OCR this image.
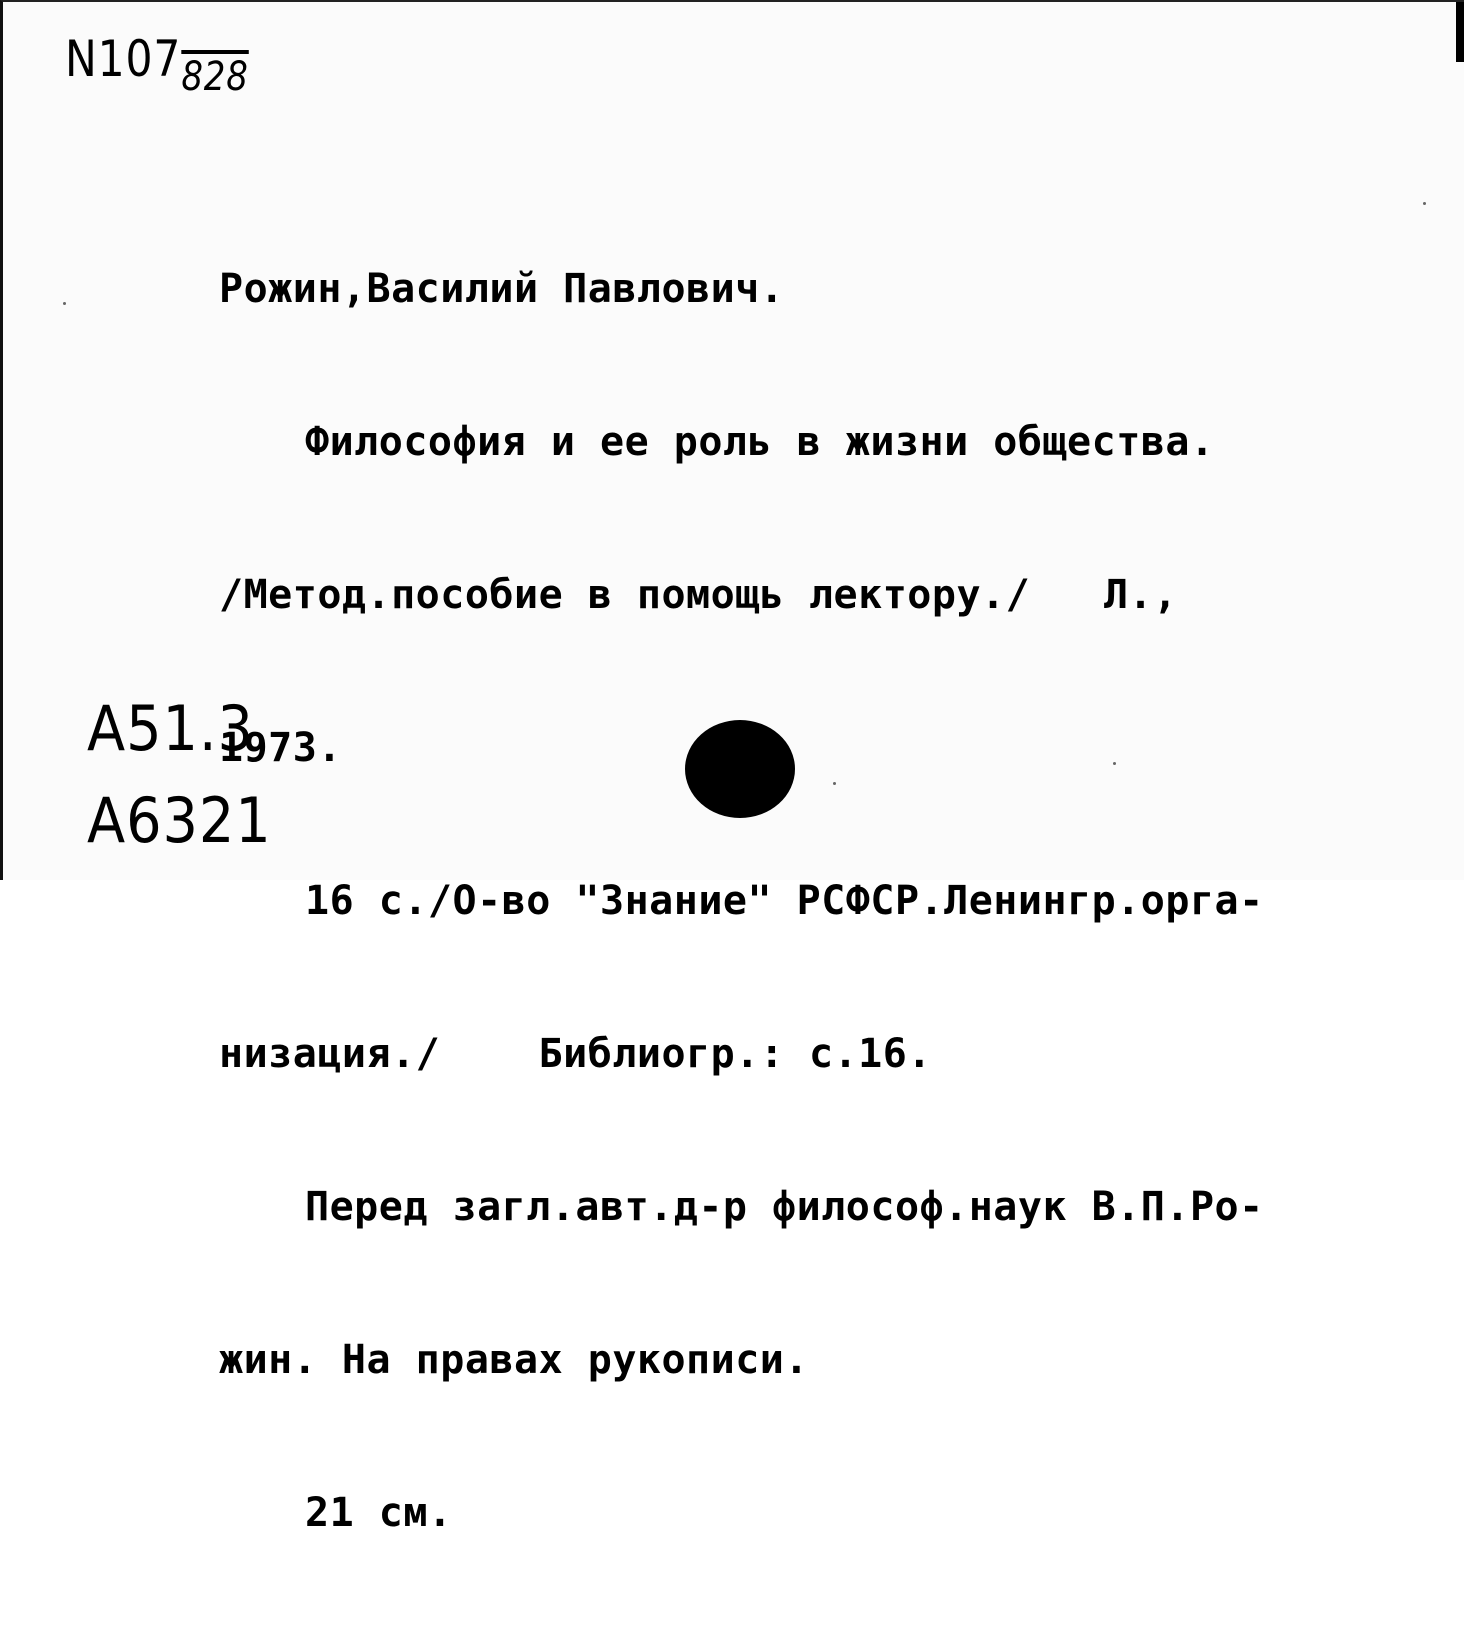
$N107_{828}$

Рожин,Василий Павлович.

Философия и ее роль в жизни общества.

/Метод.пособие в помощь лектору./   Л.,

1973.

16 с./О-во "Знание" РСФСР.Ленингр.орга-

низация./    Библиогр.: с.16.

Перед загл.авт.д-р философ.наук В.П.Ро-

жин. На правах рукописи.

21 см.

А51.3
А6321
